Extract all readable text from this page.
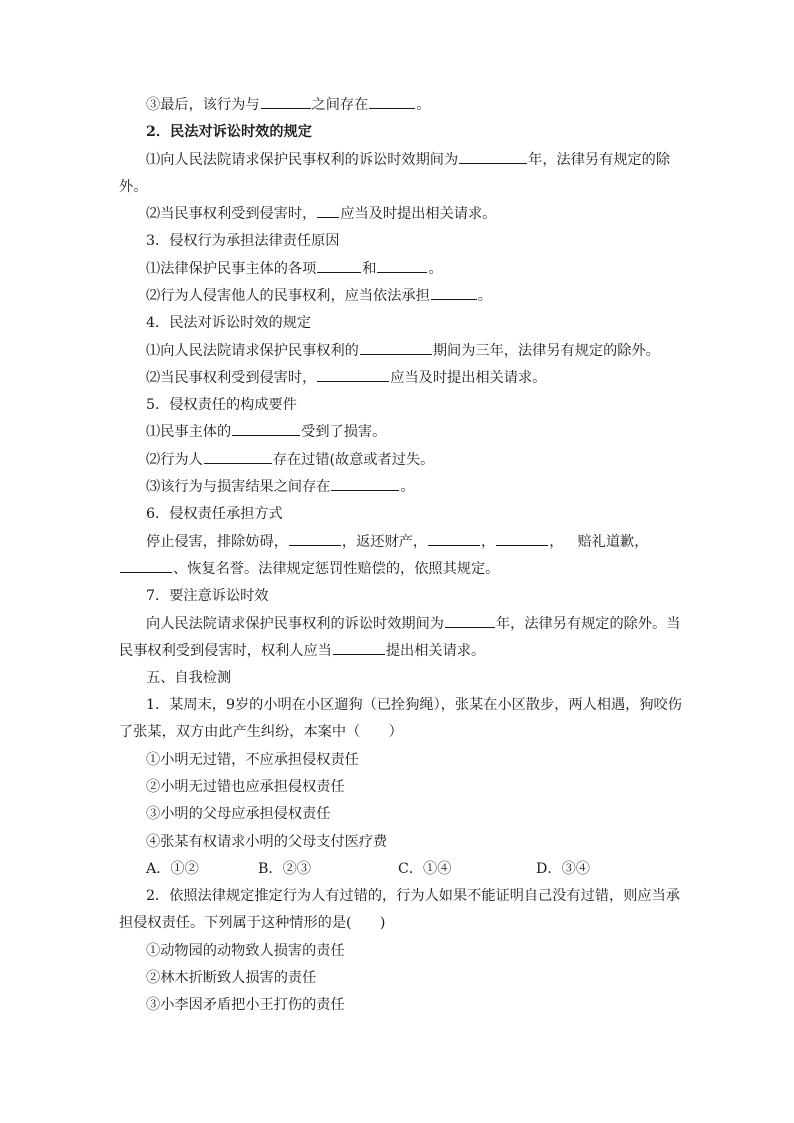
③最后，该行为与	之间存在	。
2．民法对诉讼时效的规定
⑴向人民法院请求保护民事权利的诉讼时效期间为	年，法律另有规定的除
外。
⑵当民事权利受到侵害时， 应当及时提出相关请求。
3．侵权行为承担法律责任原因
⑴法律保护民事主体的各项	和	。
⑵行为人侵害他人的民事权利，应当依法承担	。
4．民法对诉讼时效的规定
⑴向人民法院请求保护民事权利的	期间为三年，法律另有规定的除外。
⑵当民事权利受到侵害时，	应当及时提出相关请求。
5．侵权责任的构成要件
⑴民事主体的	受到了损害。
⑵行为人	存在过错(故意或者过失。
⑶该行为与损害结果之间存在	。
6．侵权责任承担方式
停止侵害，排除妨碍，	，返还财产，	，	， 赔礼道歉，
、恢复名誉。法律规定惩罚性赔偿的，依照其规定。
7．要注意诉讼时效
向人民法院请求保护民事权利的诉讼时效期间为	年，法律另有规定的除外。当
民事权利受到侵害时，权利人应当	提出相关请求。
五、自我检测
1．某周末，9岁的小明在小区遛狗（已拴狗绳），张某在小区散步，两人相遇，狗咬伤
了张某，双方由此产生纠纷，本案中（　　）
①小明无过错，不应承担侵权责任
②小明无过错也应承担侵权责任
③小明的父母应承担侵权责任
④张某有权请求小明的父母支付医疗费
A．①②	B．②③	C．①④	D．③④
2．依照法律规定推定行为人有过错的，行为人如果不能证明自己没有过错，则应当承
担侵权责任。下列属于这种情形的是(　　)
①动物园的动物致人损害的责任
②林木折断致人损害的责任
③小李因矛盾把小王打伤的责任
